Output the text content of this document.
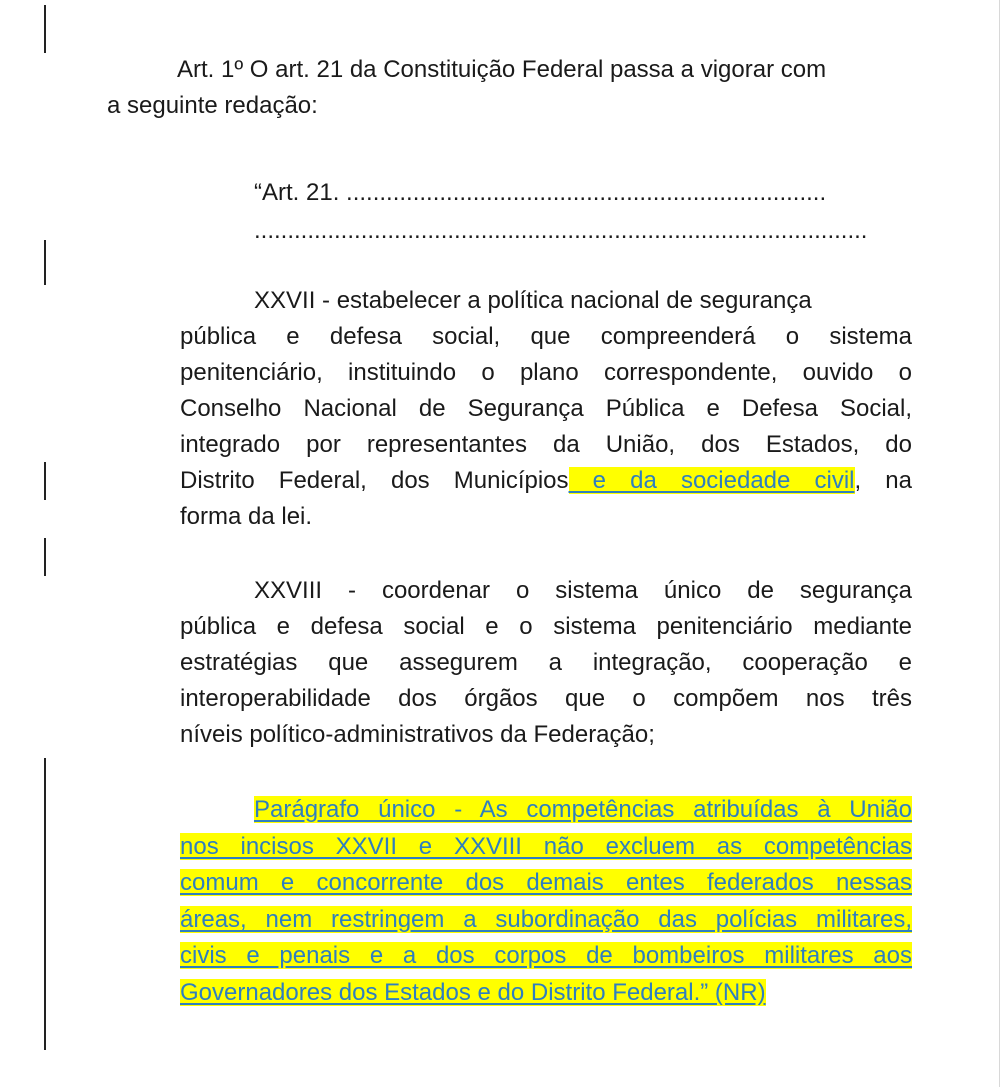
Art. 1º O art. 21 da Constituição Federal passa a vigorar com

a seguinte redação:

“Art. 21. ........................................................................

............................................................................................

XXVII - estabelecer a política nacional de segurança

pública e defesa social, que compreenderá o sistema

penitenciário, instituindo o plano correspondente, ouvido o

Conselho Nacional de Segurança Pública e Defesa Social,

integrado por representantes da União, dos Estados, do

Distrito Federal, dos Municípios e da sociedade civil, na

forma da lei.

XXVIII - coordenar o sistema único de segurança

pública e defesa social e o sistema penitenciário mediante

estratégias que assegurem a integração, cooperação e

interoperabilidade dos órgãos que o compõem nos três

níveis político-administrativos da Federação;

Parágrafo único - As competências atribuídas à União

nos incisos XXVII e XXVIII não excluem as competências

comum e concorrente dos demais entes federados nessas

áreas, nem restringem a subordinação das polícias militares,

civis e penais e a dos corpos de bombeiros militares aos

Governadores dos Estados e do Distrito Federal.” (NR)
